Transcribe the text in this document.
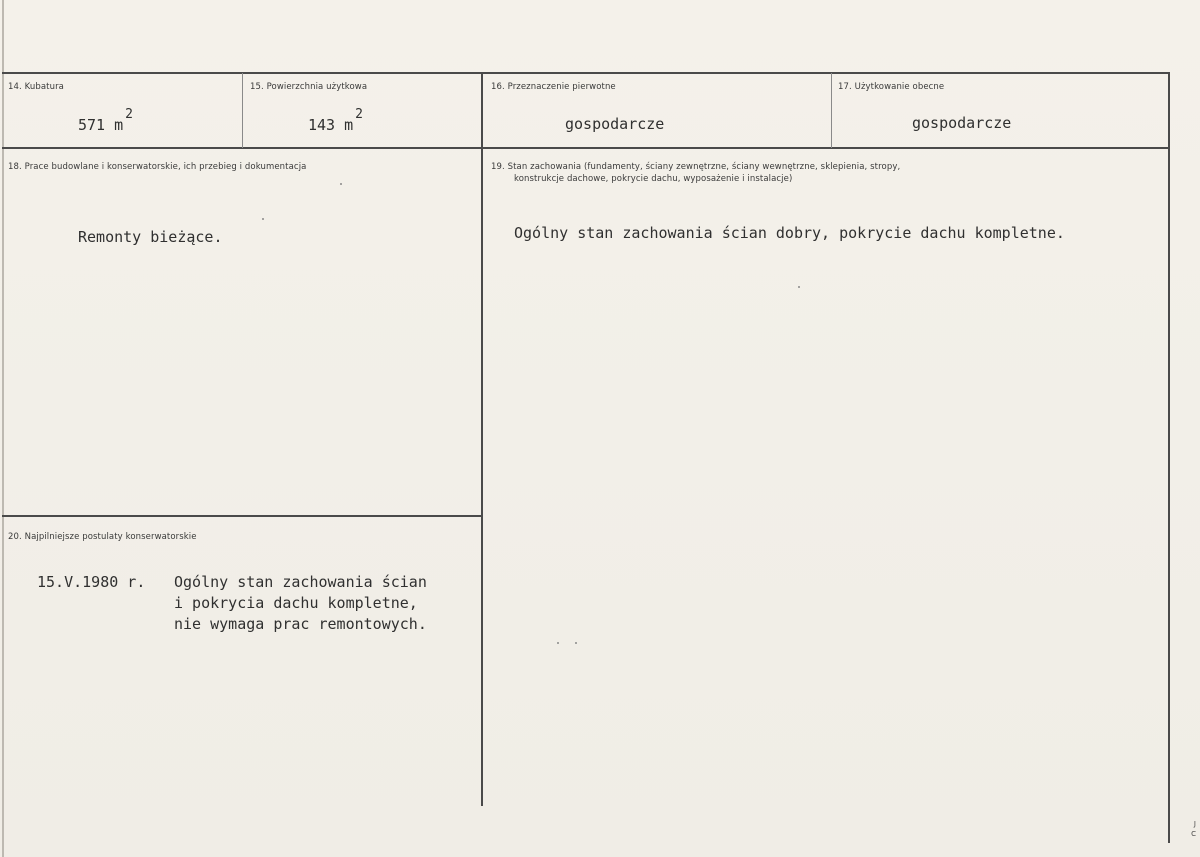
14. Kubatura
571 m2
15. Powierzchnia użytkowa
143 m2
16. Przeznaczenie pierwotne
gospodarcze
17. Użytkowanie obecne
gospodarcze
18. Prace budowlane i konserwatorskie, ich przebieg i dokumentacja
Remonty bieżące.
19. Stan zachowania (fundamenty, ściany zewnętrzne, ściany wewnętrzne, sklepienia, stropy,
konstrukcje dachowe, pokrycie dachu, wyposażenie i instalacje)
Ogólny stan zachowania ścian dobry, pokrycie dachu kompletne.
20. Najpilniejsze postulaty konserwatorskie
15.V.1980 r. Ogólny stan zachowania ścian
i pokrycia dachu kompletne,
nie wymaga prac remontowych.
J
C
